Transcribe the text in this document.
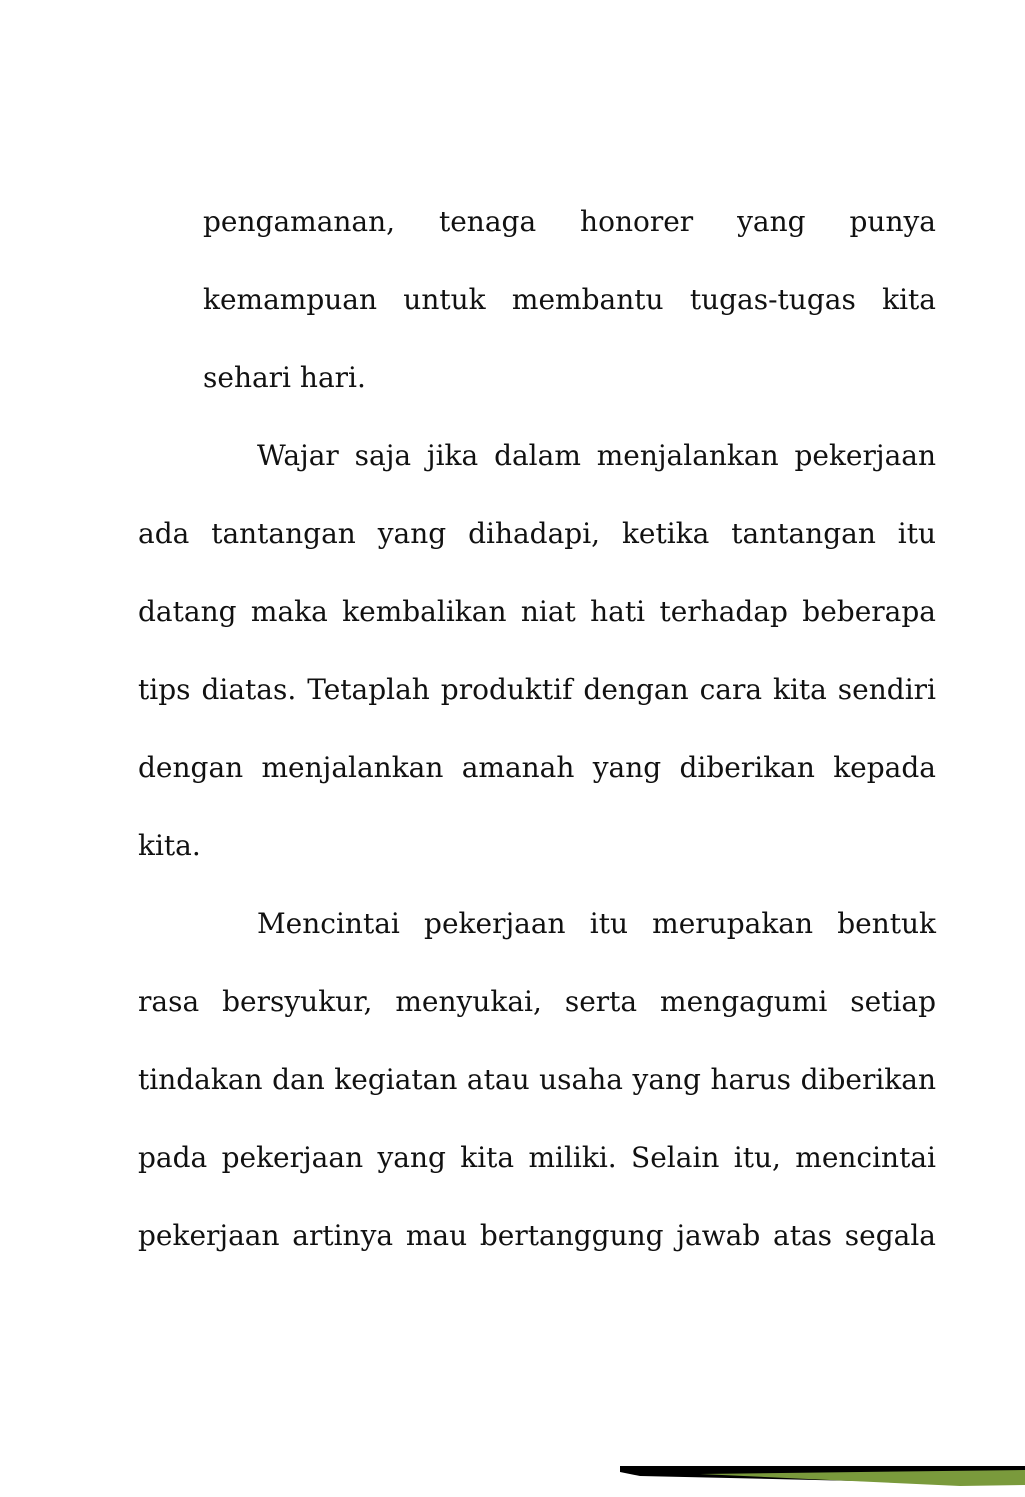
pengamanan, tenaga honorer yang punya

kemampuan untuk membantu tugas-tugas kita

sehari hari.

Wajar saja jika dalam menjalankan pekerjaan

ada tantangan yang dihadapi, ketika tantangan itu

datang maka kembalikan niat hati terhadap beberapa

tips diatas. Tetaplah produktif dengan cara kita sendiri

dengan menjalankan amanah yang diberikan kepada

kita.

Mencintai pekerjaan itu merupakan bentuk

rasa bersyukur, menyukai, serta mengagumi setiap

tindakan dan kegiatan atau usaha yang harus diberikan

pada pekerjaan yang kita miliki. Selain itu, mencintai

pekerjaan artinya mau bertanggung jawab atas segala
